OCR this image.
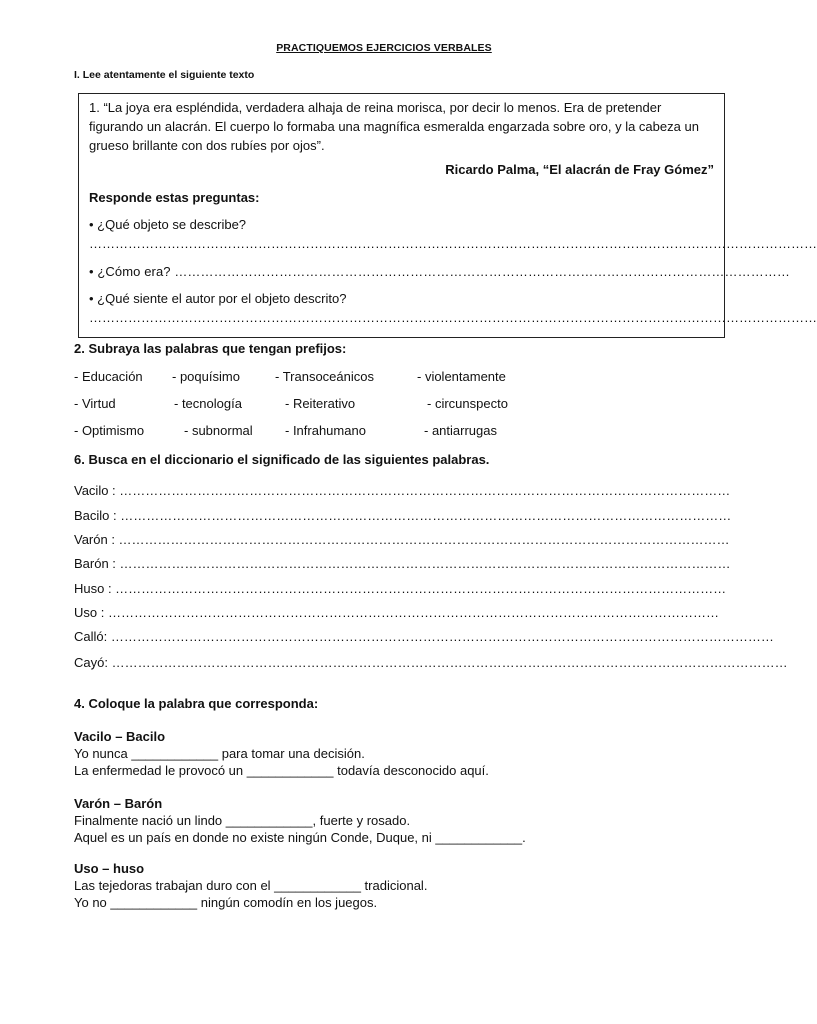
PRACTIQUEMOS EJERCICIOS VERBALES
I. Lee atentamente el siguiente texto

1. “La joya era espléndida, verdadera alhaja de reina morisca, por decir lo menos. Era de pretender figurando un alacrán. El cuerpo lo formaba una magnífica esmeralda engarzada sobre oro, y la cabeza un grueso brillante con dos rubíes por ojos”.

Ricardo Palma, “El alacrán de Fray Gómez”
Responde estas preguntas:
• ¿Qué objeto se describe?
……………………………………………………………………………………………………………………………………………………
• ¿Cómo era? ……………………………………………………………………………………………………………………………
• ¿Qué siente el autor por el objeto descrito?
……………………………………………………………………………………………………………………………………………………
2. Subraya las palabras que tengan prefijos:
- Educación - poquísimo	- Transoceánicos	- violentamente
- Virtud	- tecnología	- Reiterativo	- circunspecto
- Optimismo	- subnormal - Infrahumano	- antiarrugas
6. Busca en el diccionario el significado de las siguientes palabras.
Vacilo : ……………………………………………………………………………………………………………………………
Bacilo : ……………………………………………………………………………………………………………………………
Varón : ……………………………………………………………………………………………………………………………
Barón : ……………………………………………………………………………………………………………………………
Huso : ……………………………………………………………………………………………………………………………
Uso : ……………………………………………………………………………………………………………………………
Calló: ………………………………………………………………………………………………………………………………………
Cayó: …………………………………………………………………………………………………………………………………………
4. Coloque la palabra que corresponda:
Vacilo – Bacilo
Yo nunca ____________ para tomar una decisión.
La enfermedad le provocó un ____________ todavía desconocido aquí.
Varón – Barón
Finalmente nació un lindo ____________, fuerte y rosado.
Aquel es un país en donde no existe ningún Conde, Duque, ni ____________.
Uso – huso
Las tejedoras trabajan duro con el ____________ tradicional.
Yo no ____________ ningún comodín en los juegos.
